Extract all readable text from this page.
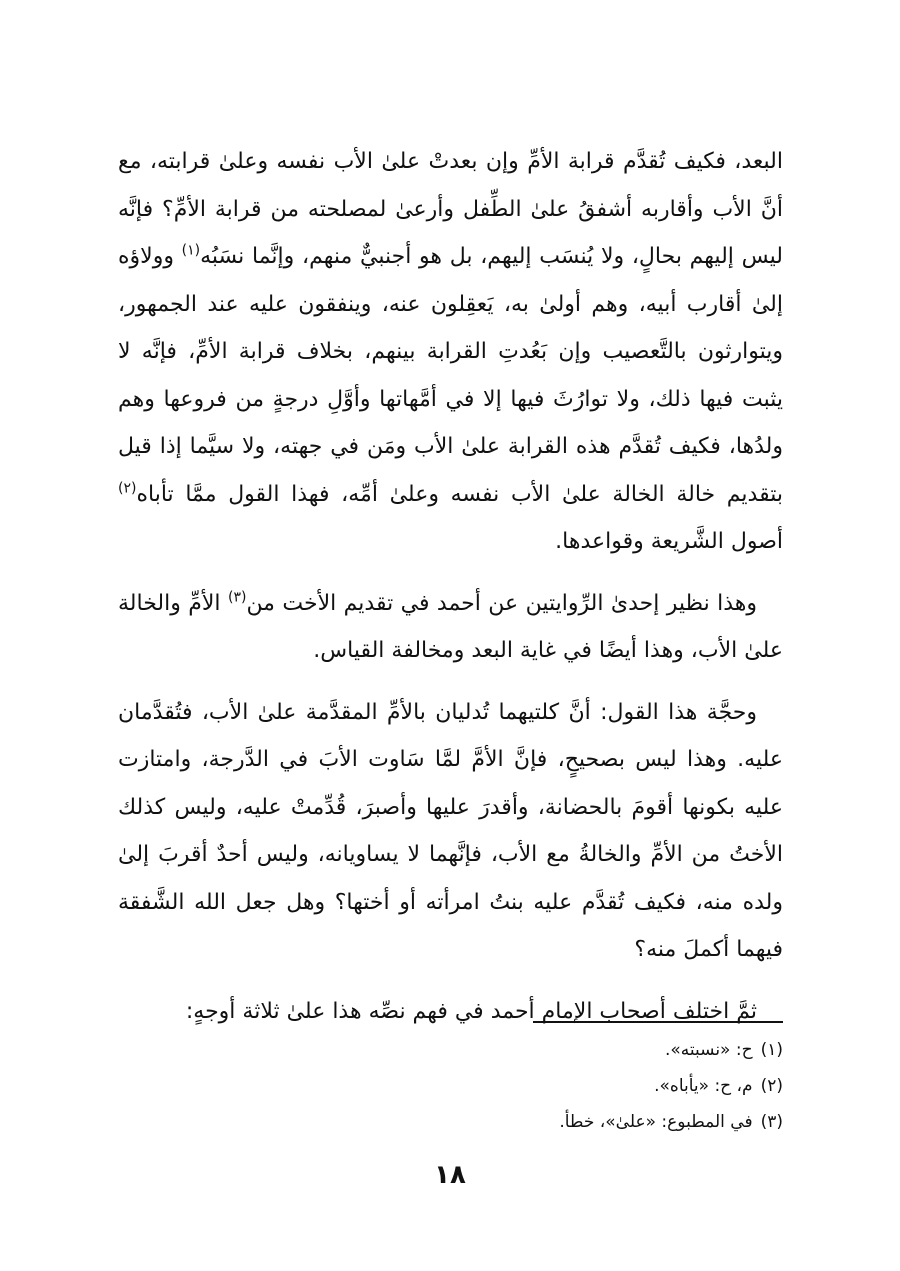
البعد، فكيف تُقدَّم قرابة الأمِّ وإن بعدتْ علىٰ الأب نفسه وعلىٰ قرابته، مع أنَّ الأب وأقاربه أشفقُ علىٰ الطِّفل وأرعىٰ لمصلحته من قرابة الأمِّ؟ فإنَّه ليس إليهم بحالٍ، ولا يُنسَب إليهم، بل هو أجنبيٌّ منهم، وإنَّما نسَبُه$^{(١)}$ وولاؤه إلىٰ أقارب أبيه، وهم أولىٰ به، يَعقِلون عنه، وينفقون عليه عند الجمهور، ويتوارثون بالتَّعصيب وإن بَعُدتِ القرابة بينهم، بخلاف قرابة الأمِّ، فإنَّه لا يثبت فيها ذلك، ولا توارُثَ فيها إلا في أمَّهاتها وأوَّلِ درجةٍ من فروعها وهم ولدُها، فكيف تُقدَّم هذه القرابة علىٰ الأب ومَن في جهته، ولا سيَّما إذا قيل بتقديم خالة الخالة علىٰ الأب نفسه وعلىٰ أمِّه، فهذا القول ممَّا تأباه$^{(٢)}$ أصول الشَّريعة وقواعدها.

وهذا نظير إحدىٰ الرِّوايتين عن أحمد في تقديم الأخت من$^{(٣)}$ الأمِّ والخالة علىٰ الأب، وهذا أيضًا في غاية البعد ومخالفة القياس.

وحجَّة هذا القول: أنَّ كلتيهما تُدليان بالأمِّ المقدَّمة علىٰ الأب، فتُقدَّمان عليه. وهذا ليس بصحيحٍ، فإنَّ الأمَّ لمَّا سَاوت الأبَ في الدَّرجة، وامتازت عليه بكونها أقومَ بالحضانة، وأقدرَ عليها وأصبرَ، قُدِّمتْ عليه، وليس كذلك الأختُ من الأمِّ والخالةُ مع الأب، فإنَّهما لا يساويانه، وليس أحدٌ أقربَ إلىٰ ولده منه، فكيف تُقدَّم عليه بنتُ امرأته أو أختها؟ وهل جعل الله الشَّفقة فيهما أكملَ منه؟

ثمَّ اختلف أصحاب الإمام أحمد في فهم نصِّه هذا علىٰ ثلاثة أوجهٍ:

(١)ح: «نسبته».
(٢)م، ح: «يأباه».
(٣)في المطبوع: «علىٰ»، خطأ.
١٨
